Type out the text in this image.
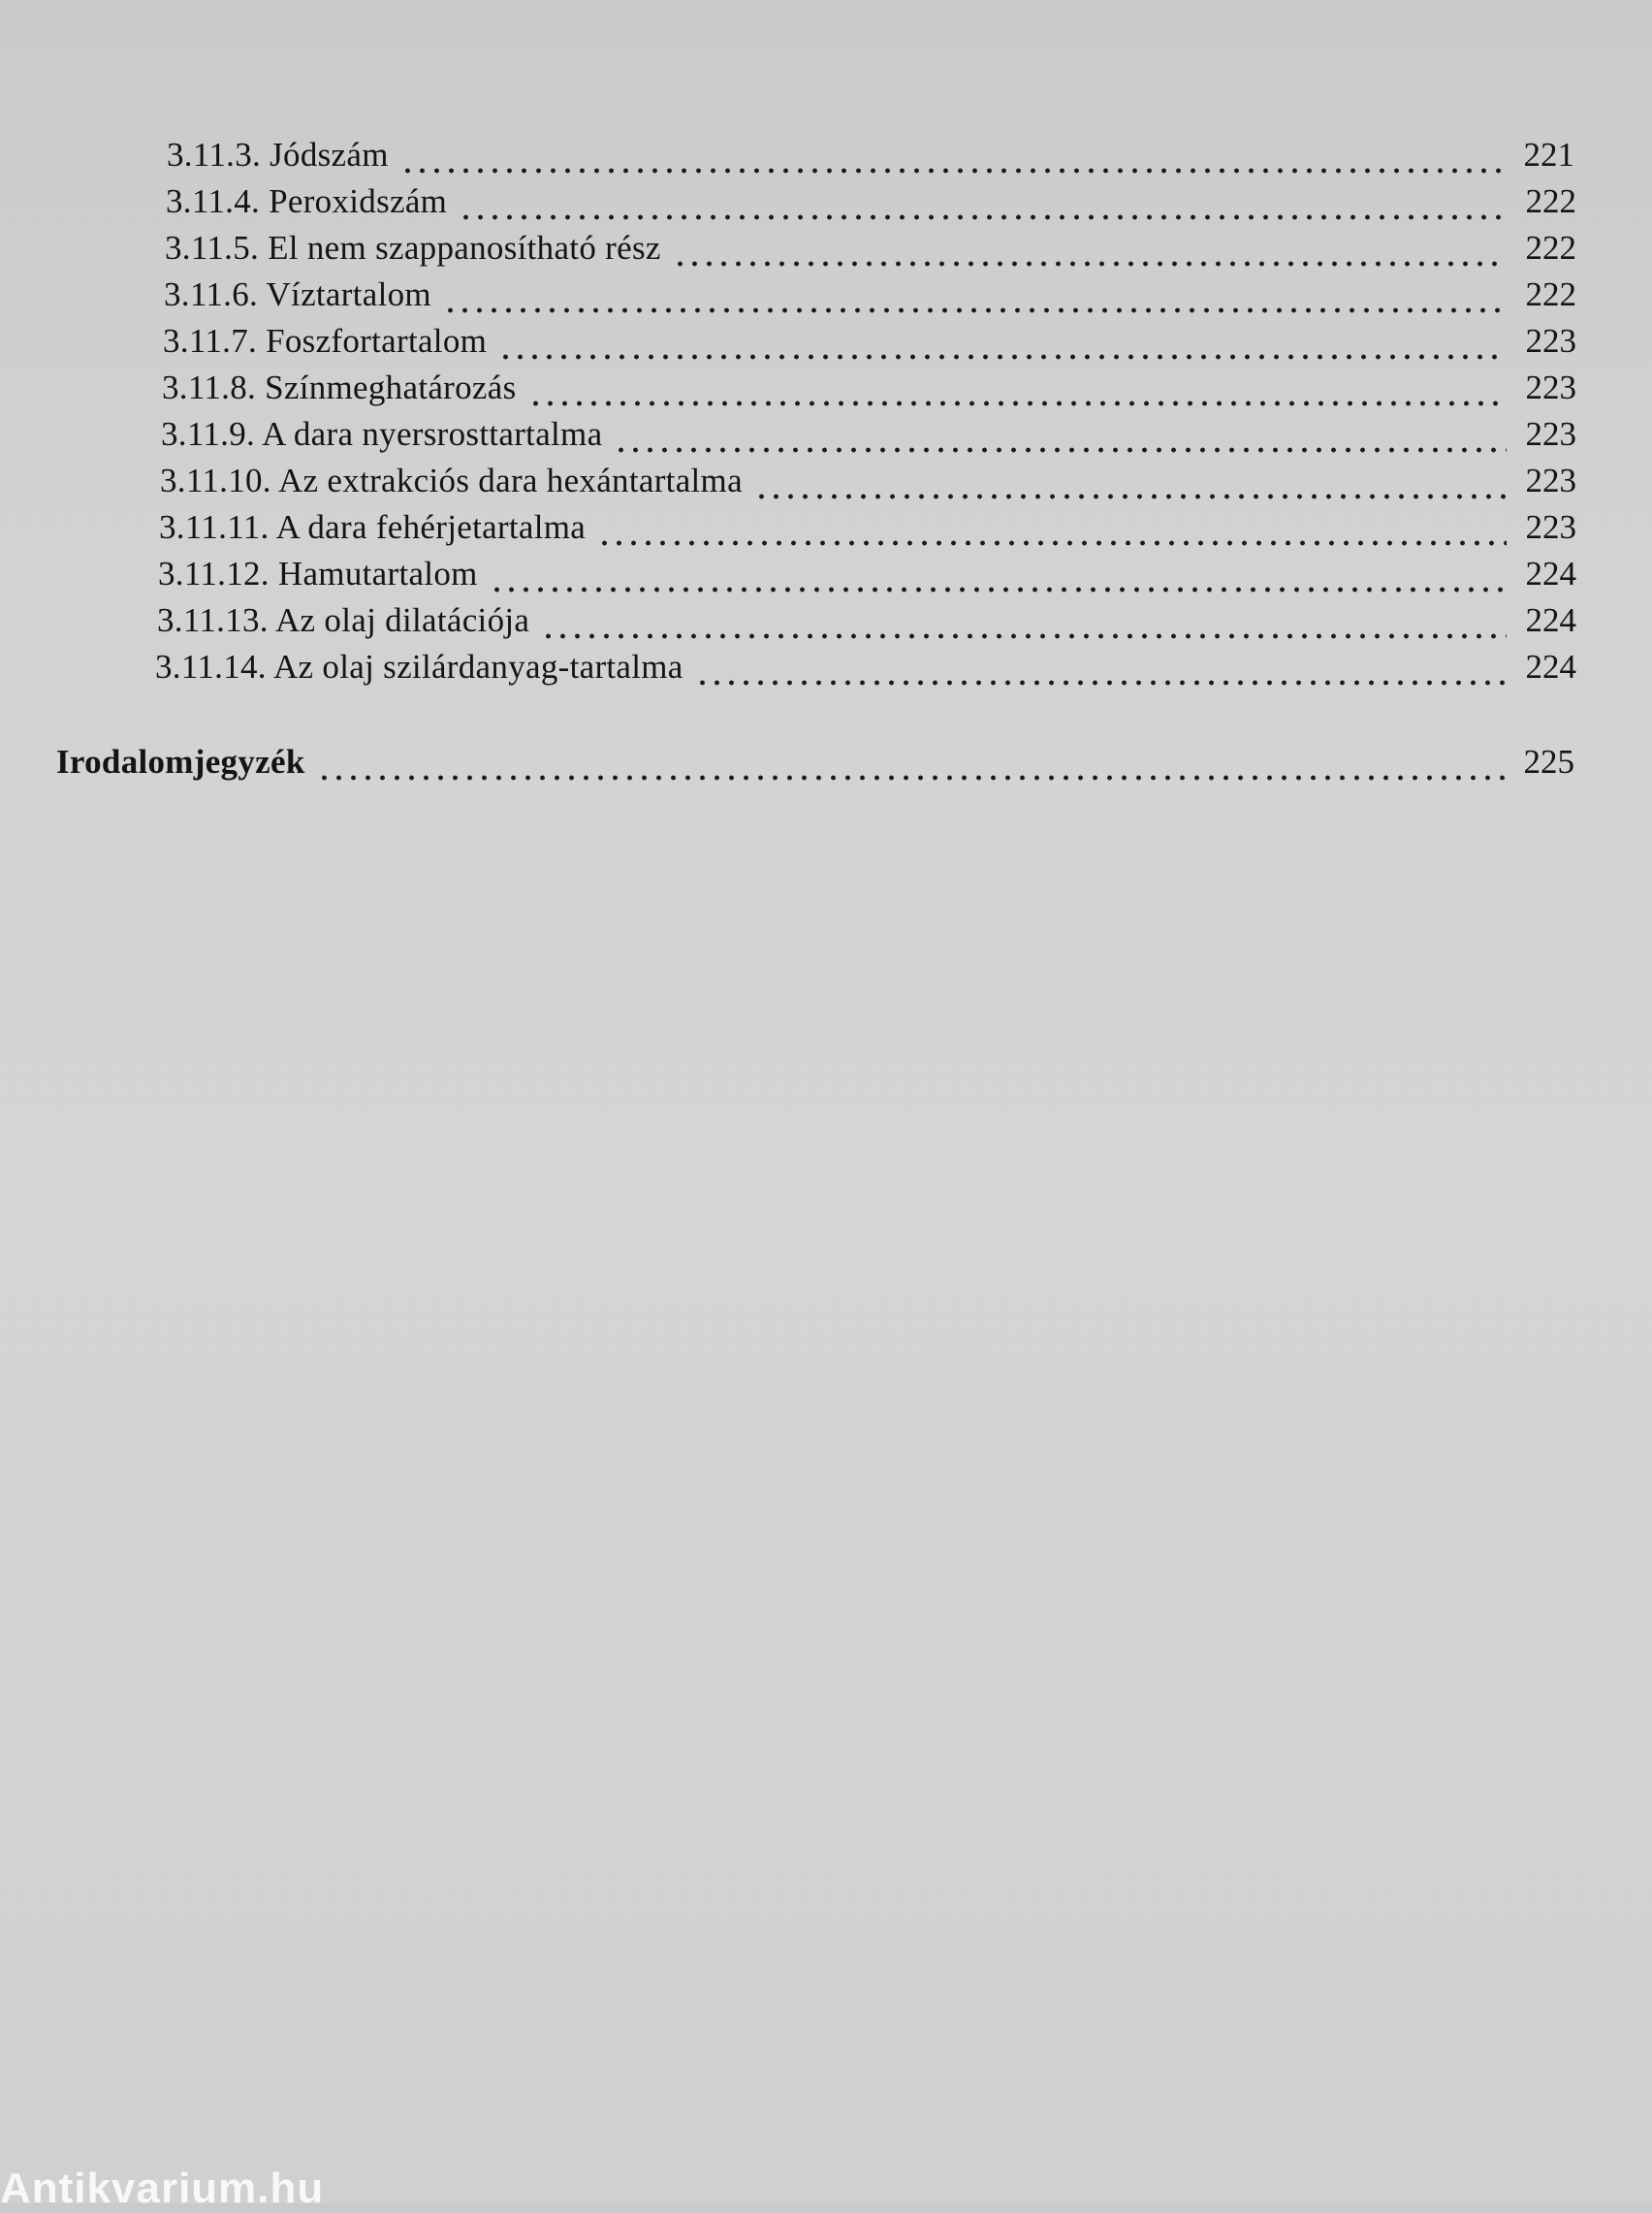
3.11.3. Jódszám	221
3.11.4. Peroxidszám	222
3.11.5. El nem szappanosítható rész	222
3.11.6. Víztartalom	222
3.11.7. Foszfortartalom	223
3.11.8. Színmeghatározás	223
3.11.9. A dara nyersrosttartalma	223
3.11.10. Az extrakciós dara hexántartalma	223
3.11.11. A dara fehérjetartalma	223
3.11.12. Hamutartalom	224
3.11.13. Az olaj dilatációja	224
3.11.14. Az olaj szilárdanyag-tartalma	224
Irodalomjegyzék	225
Antikvarium.hu
